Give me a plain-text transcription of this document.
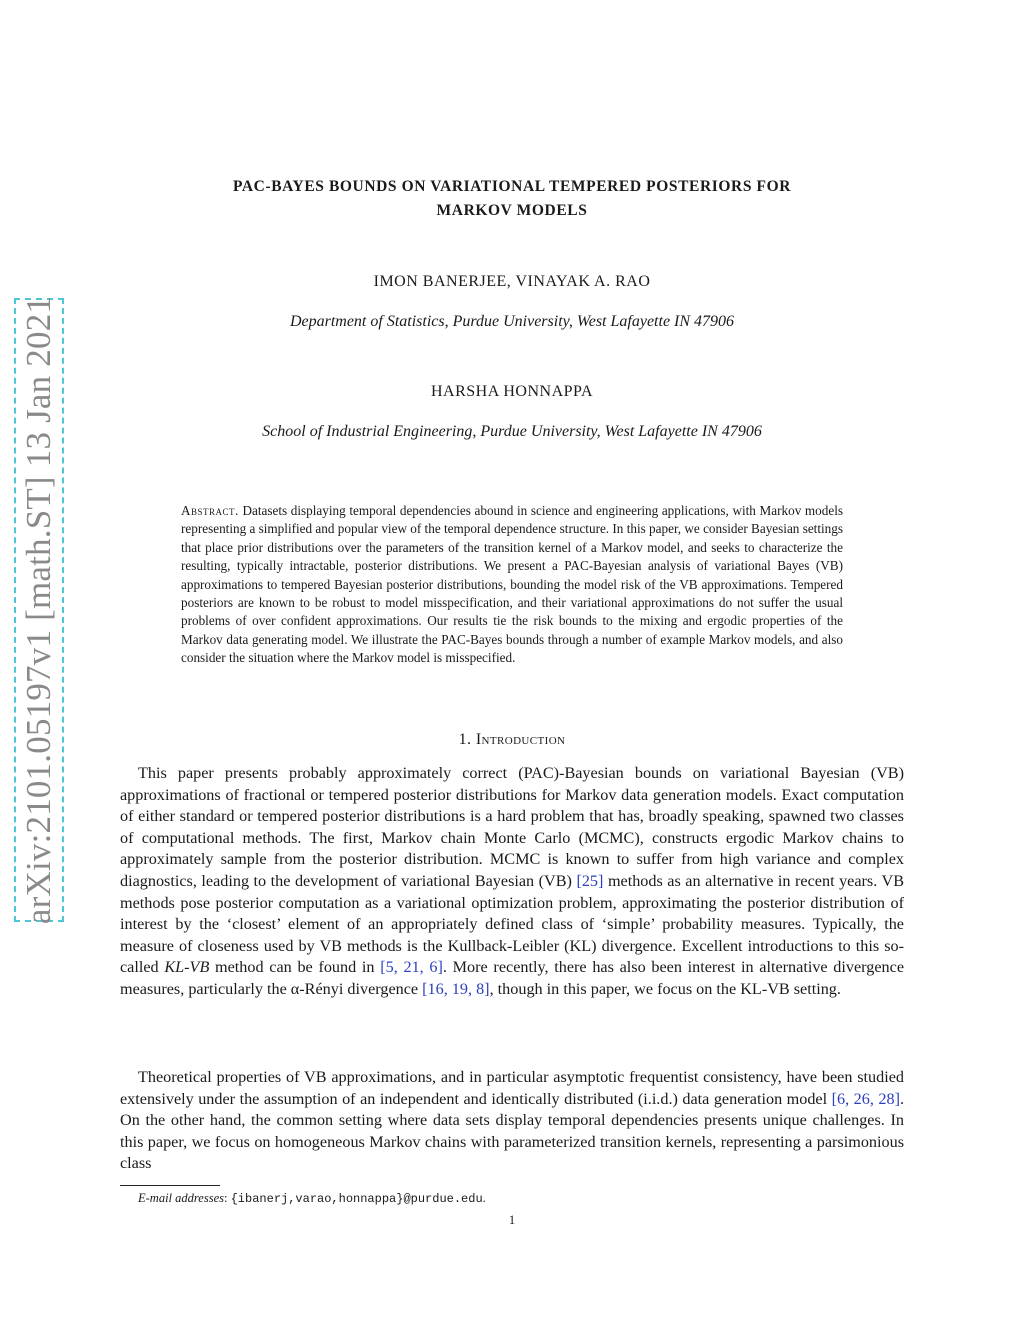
arXiv:2101.05197v1 [math.ST] 13 Jan 2021
PAC-BAYES BOUNDS ON VARIATIONAL TEMPERED POSTERIORS FOR
MARKOV MODELS
IMON BANERJEE, VINAYAK A. RAO
Department of Statistics, Purdue University, West Lafayette IN 47906
HARSHA HONNAPPA
School of Industrial Engineering, Purdue University, West Lafayette IN 47906
Abstract. Datasets displaying temporal dependencies abound in science and engineering applications, with Markov models representing a simplified and popular view of the temporal dependence structure. In this paper, we consider Bayesian settings that place prior distributions over the parameters of the transition kernel of a Markov model, and seeks to characterize the resulting, typically intractable, posterior distributions. We present a PAC-Bayesian analysis of variational Bayes (VB) approximations to tempered Bayesian posterior distributions, bounding the model risk of the VB approximations. Tempered posteriors are known to be robust to model misspecification, and their variational approximations do not suffer the usual problems of over confident approximations. Our results tie the risk bounds to the mixing and ergodic properties of the Markov data generating model. We illustrate the PAC-Bayes bounds through a number of example Markov models, and also consider the situation where the Markov model is misspecified.
1. Introduction

This paper presents probably approximately correct (PAC)-Bayesian bounds on variational Bayesian (VB) approximations of fractional or tempered posterior distributions for Markov data generation models. Exact computation of either standard or tempered posterior distributions is a hard problem that has, broadly speaking, spawned two classes of computational methods. The first, Markov chain Monte Carlo (MCMC), constructs ergodic Markov chains to approximately sample from the posterior distribution. MCMC is known to suffer from high variance and complex diagnostics, leading to the development of variational Bayesian (VB) [25] methods as an alternative in recent years. VB methods pose posterior computation as a variational optimization problem, approximating the posterior distribution of interest by the ‘closest’ element of an appropriately defined class of ‘simple’ probability measures. Typically, the measure of closeness used by VB methods is the Kullback-Leibler (KL) divergence. Excellent introductions to this so-called KL-VB method can be found in [5, 21, 6]. More recently, there has also been interest in alternative divergence measures, particularly the α-Rényi divergence [16, 19, 8], though in this paper, we focus on the KL-VB setting.

Theoretical properties of VB approximations, and in particular asymptotic frequentist consistency, have been studied extensively under the assumption of an independent and identically distributed (i.i.d.) data generation model [6, 26, 28]. On the other hand, the common setting where data sets display temporal dependencies presents unique challenges. In this paper, we focus on homogeneous Markov chains with parameterized transition kernels, representing a parsimonious class

E-mail addresses: {ibanerj,varao,honnappa}@purdue.edu.
1
